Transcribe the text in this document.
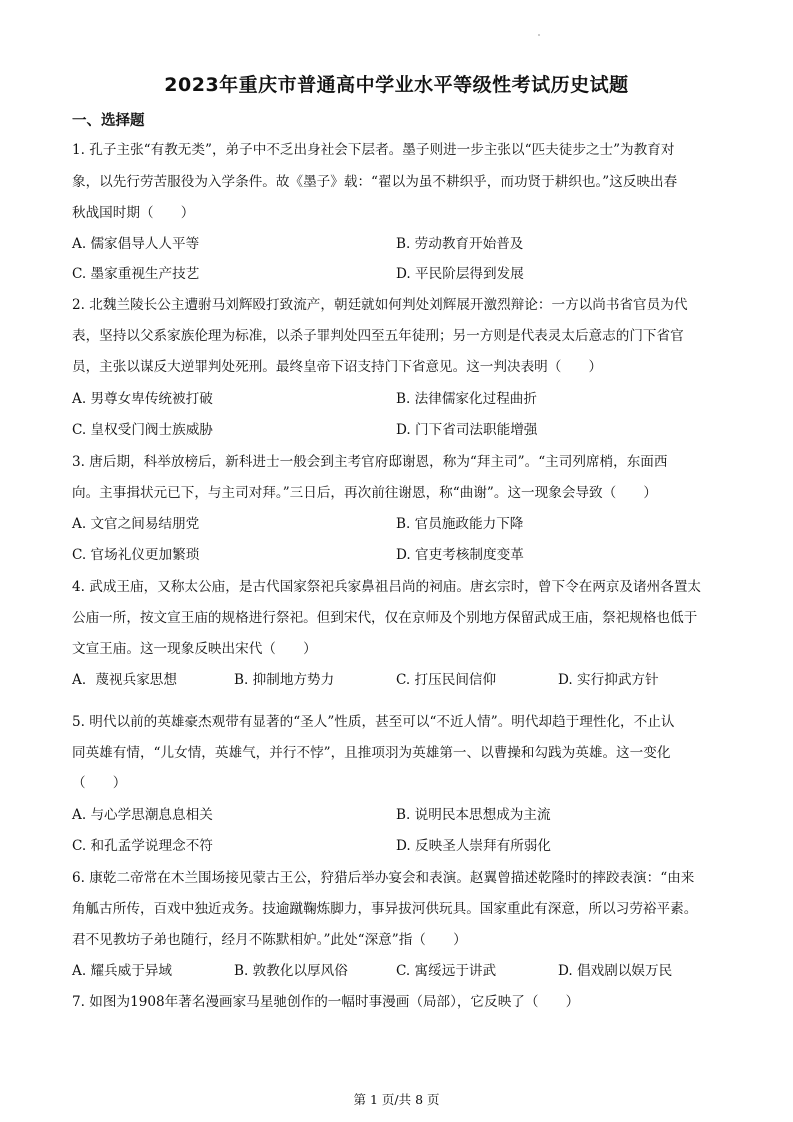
2023年重庆市普通高中学业水平等级性考试历史试题
一、选择题
1. 孔子主张“有教无类”，弟子中不乏出身社会下层者。墨子则进一步主张以“匹夫徒步之士”为教育对
象，以先行劳苦服役为入学条件。故《墨子》载：“翟以为虽不耕织乎，而功贤于耕织也。”这反映出春
秋战国时期（　　）
A. 儒家倡导人人平等	B. 劳动教育开始普及
C. 墨家重视生产技艺	D. 平民阶层得到发展
2. 北魏兰陵长公主遭驸马刘辉殴打致流产，朝廷就如何判处刘辉展开激烈辩论：一方以尚书省官员为代
表，坚持以父系家族伦理为标准，以杀子罪判处四至五年徒刑；另一方则是代表灵太后意志的门下省官
员，主张以谋反大逆罪判处死刑。最终皇帝下诏支持门下省意见。这一判决表明（　　）
A. 男尊女卑传统被打破	B. 法律儒家化过程曲折
C. 皇权受门阀士族威胁	D. 门下省司法职能增强
3. 唐后期，科举放榜后，新科进士一般会到主考官府邸谢恩，称为“拜主司”。“主司列席梢，东面西
向。主事揖状元已下，与主司对拜。”三日后，再次前往谢恩，称“曲谢”。这一现象会导致（　　）
A. 文官之间易结朋党	B. 官员施政能力下降
C. 官场礼仪更加繁琐	D. 官吏考核制度变革
4. 武成王庙，又称太公庙，是古代国家祭祀兵家鼻祖吕尚的祠庙。唐玄宗时，曾下令在两京及诸州各置太
公庙一所，按文宣王庙的规格进行祭祀。但到宋代，仅在京师及个别地方保留武成王庙，祭祀规格也低于
文宣王庙。这一现象反映出宋代（　　）
A．蔑视兵家思想	B. 抑制地方势力	C. 打压民间信仰	D. 实行抑武方针
5. 明代以前的英雄豪杰观带有显著的“圣人”性质，甚至可以“不近人情”。明代却趋于理性化，不止认
同英雄有情，“儿女情，英雄气，并行不悖”，且推项羽为英雄第一、以曹操和勾践为英雄。这一变化
（　　）
A. 与心学思潮息息相关	B. 说明民本思想成为主流
C. 和孔孟学说理念不符	D. 反映圣人崇拜有所弱化
6. 康乾二帝常在木兰围场接见蒙古王公，狩猎后举办宴会和表演。赵翼曾描述乾隆时的摔跤表演：“由来
角觚古所传，百戏中独近戎务。技逾蹴鞠炼脚力，事异拔河供玩具。国家重此有深意，所以习劳裕平素。
君不见教坊子弟也随行，经月不陈默相妒。”此处“深意”指（　　）
A. 耀兵威于异域	B. 敦教化以厚风俗	C. 寓绥远于讲武	D. 倡戏剧以娱万民
7. 如图为1908年著名漫画家马星驰创作的一幅时事漫画（局部），它反映了（　　）
第 1 页/共 8 页
